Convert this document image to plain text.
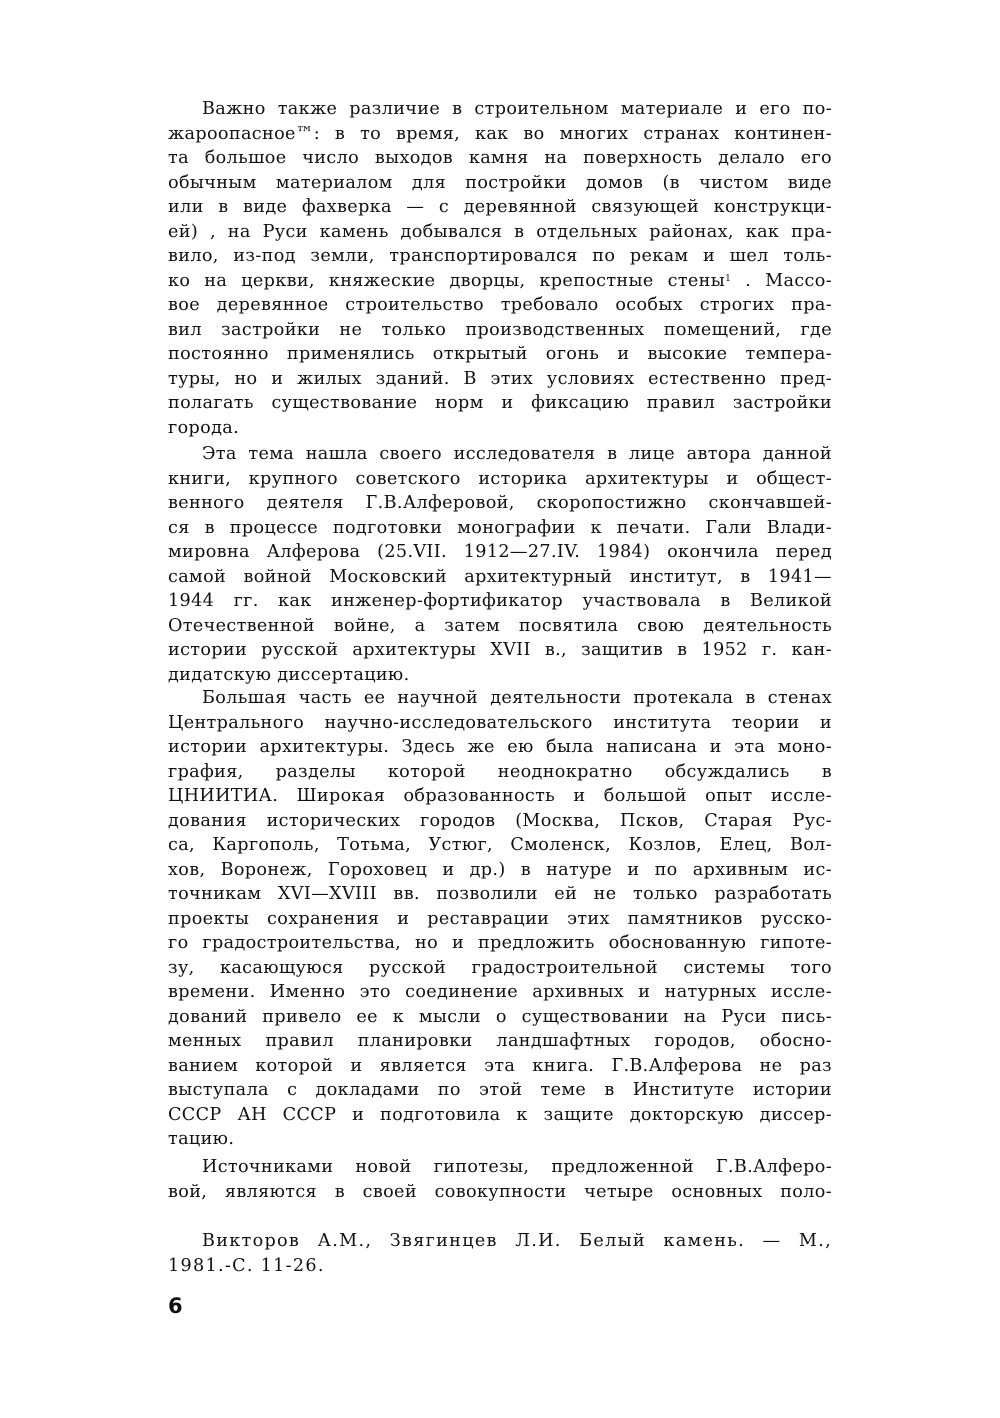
Важно также различие в строительном материале и его по-
жароопасное™: в то время, как во многих странах континен-
та большое число выходов камня на поверхность делало его
обычным материалом для постройки домов (в чистом виде
или в виде фахверка — с деревянной связующей конструкци-
ей) , на Руси камень добывался в отдельных районах, как пра-
вило, из-под земли, транспортировался по рекам и шел толь-
ко на церкви, княжеские дворцы, крепостные стены$^1$ . Массо-
вое деревянное строительство требовало особых строгих пра-
вил застройки не только производственных помещений, где
постоянно применялись открытый огонь и высокие темпера-
туры, но и жилых зданий. В этих условиях естественно пред-
полагать существование норм и фиксацию правил застройки
города.

Эта тема нашла своего исследователя в лице автора данной
книги, крупного советского историка архитектуры и общест-
венного деятеля Г.В.Алферовой, скоропостижно скончавшей-
ся в процессе подготовки монографии к печати. Гали Влади-
мировна Алферова (25.VII. 1912—27.IV. 1984) окончила перед
самой войной Московский архитектурный институт, в 1941—
1944 гг. как инженер-фортификатор участвовала в Великой
Отечественной войне, а затем посвятила свою деятельность
истории русской архитектуры XVII в., защитив в 1952 г. кан-
дидатскую диссертацию.

Большая часть ее научной деятельности протекала в стенах
Центрального научно-исследовательского института теории и
истории архитектуры. Здесь же ею была написана и эта моно-
графия, разделы которой неоднократно обсуждались в
ЦНИИТИА. Широкая образованность и большой опыт иссле-
дования исторических городов (Москва, Псков, Старая Рус-
са, Каргополь, Тотьма, Устюг, Смоленск, Козлов, Елец, Вол-
хов, Воронеж, Гороховец и др.) в натуре и по архивным ис-
точникам XVI—XVIII вв. позволили ей не только разработать
проекты сохранения и реставрации этих памятников русско-
го градостроительства, но и предложить обоснованную гипоте-
зу, касающуюся русской градостроительной системы того
времени. Именно это соединение архивных и натурных иссле-
дований привело ее к мысли о существовании на Руси пись-
менных правил планировки ландшафтных городов, обосно-
ванием которой и является эта книга. Г.В.Алферова не раз
выступала с докладами по этой теме в Институте истории
СССР АН СССР и подготовила к защите докторскую диссер-
тацию.

Источниками новой гипотезы, предложенной Г.В.Алферо-
вой, являются в своей совокупности четыре основных поло-

Викторов А.М., Звягинцев Л.И. Белый камень. — М.,
1981.-С. 11-26.

6
